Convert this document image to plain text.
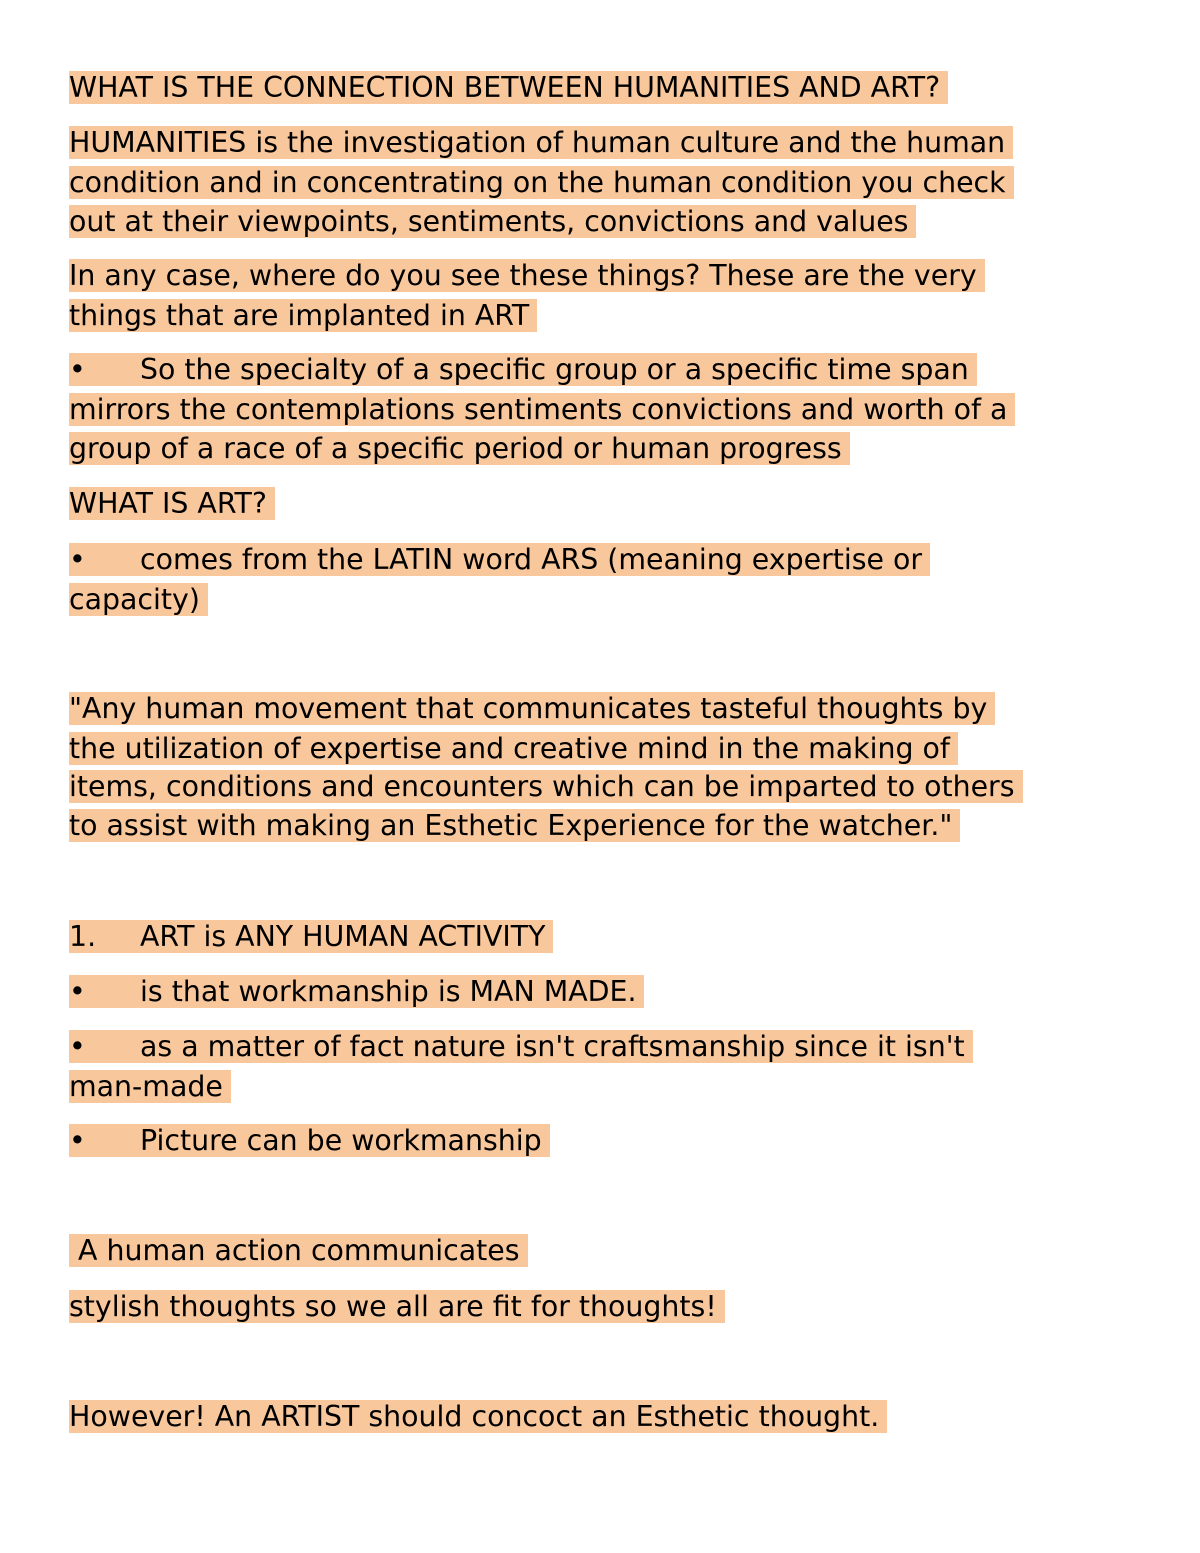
WHAT IS THE CONNECTION BETWEEN HUMANITIES AND ART?

HUMANITIES is the investigation of human culture and the human
condition and in concentrating on the human condition you check
out at their viewpoints, sentiments, convictions and values

In any case, where do you see these things? These are the very
things that are implanted in ART

• So the specialty of a specific group or a specific time span
mirrors the contemplations sentiments convictions and worth of a
group of a race of a specific period or human progress

WHAT IS ART?

• comes from the LATIN word ARS (meaning expertise or
capacity)

"Any human movement that communicates tasteful thoughts by
the utilization of expertise and creative mind in the making of
items, conditions and encounters which can be imparted to others
to assist with making an Esthetic Experience for the watcher."

1. ART is ANY HUMAN ACTIVITY

• is that workmanship is MAN MADE.

• as a matter of fact nature isn't craftsmanship since it isn't
man-made

• Picture can be workmanship

A human action communicates

stylish thoughts so we all are fit for thoughts!

However! An ARTIST should concoct an Esthetic thought.
